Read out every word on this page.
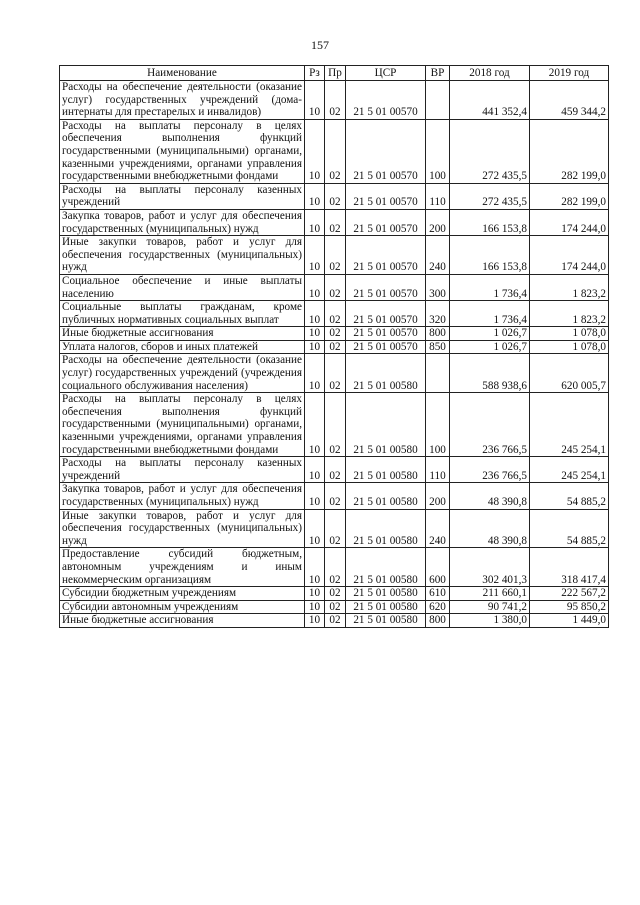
157
Наименование	Рз	Пр	ЦСР	ВР	2018 год	2019 год
Расходы на обеспечение деятельности (оказание услуг) государственных учреждений (дома-интернаты для престарелых и инвалидов)	10	02	21 5 01 00570		441 352,4	459 344,2
Расходы на выплаты персоналу в целях обеспечения выполнения функций государственными (муниципальными) органами, казенными учреждениями, органами управления государственными внебюджетными фондами	10	02	21 5 01 00570	100	272 435,5	282 199,0
Расходы на выплаты персоналу казенных учреждений	10	02	21 5 01 00570	110	272 435,5	282 199,0
Закупка товаров, работ и услуг для обеспечения государственных (муниципальных) нужд	10	02	21 5 01 00570	200	166 153,8	174 244,0
Иные закупки товаров, работ и услуг для обеспечения государственных (муниципальных) нужд	10	02	21 5 01 00570	240	166 153,8	174 244,0
Социальное обеспечение и иные выплаты населению	10	02	21 5 01 00570	300	1 736,4	1 823,2
Социальные выплаты гражданам, кроме публичных нормативных социальных выплат	10	02	21 5 01 00570	320	1 736,4	1 823,2
Иные бюджетные ассигнования	10	02	21 5 01 00570	800	1 026,7	1 078,0
Уплата налогов, сборов и иных платежей	10	02	21 5 01 00570	850	1 026,7	1 078,0
Расходы на обеспечение деятельности (оказание услуг) государственных учреждений (учреждения социального обслуживания населения)	10	02	21 5 01 00580		588 938,6	620 005,7
Расходы на выплаты персоналу в целях обеспечения выполнения функций государственными (муниципальными) органами, казенными учреждениями, органами управления государственными внебюджетными фондами	10	02	21 5 01 00580	100	236 766,5	245 254,1
Расходы на выплаты персоналу казенных учреждений	10	02	21 5 01 00580	110	236 766,5	245 254,1
Закупка товаров, работ и услуг для обеспечения государственных (муниципальных) нужд	10	02	21 5 01 00580	200	48 390,8	54 885,2
Иные закупки товаров, работ и услуг для обеспечения государственных (муниципальных) нужд	10	02	21 5 01 00580	240	48 390,8	54 885,2
Предоставление субсидий бюджетным, автономным учреждениям и иным некоммерческим организациям	10	02	21 5 01 00580	600	302 401,3	318 417,4
Субсидии бюджетным учреждениям	10	02	21 5 01 00580	610	211 660,1	222 567,2
Субсидии автономным учреждениям	10	02	21 5 01 00580	620	90 741,2	95 850,2
Иные бюджетные ассигнования	10	02	21 5 01 00580	800	1 380,0	1 449,0
